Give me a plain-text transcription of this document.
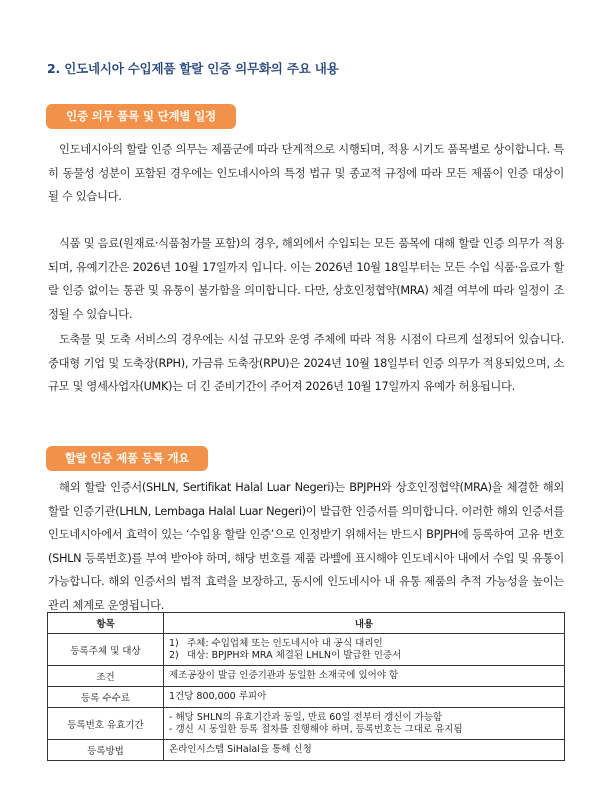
2. 인도네시아 수입제품 할랄 인증 의무화의 주요 내용
인증 의무 품목 및 단계별 일정
인도네시아의 할랄 인증 의무는 제품군에 따라 단계적으로 시행되며, 적용 시기도 품목별로 상이합니다. 특히 동물성 성분이 포함된 경우에는 인도네시아의 특정 법규 및 종교적 규정에 따라 모든 제품이 인증 대상이 될 수 있습니다.
식품 및 음료(원재료·식품첨가물 포함)의 경우, 해외에서 수입되는 모든 품목에 대해 할랄 인증 의무가 적용되며, 유예기간은 2026년 10월 17일까지 입니다. 이는 2026년 10월 18일부터는 모든 수입 식품·음료가 할랄 인증 없이는 통관 및 유통이 불가함을 의미합니다. 다만, 상호인정협약(MRA) 체결 여부에 따라 일정이 조정될 수 있습니다.
도축물 및 도축 서비스의 경우에는 시설 규모와 운영 주체에 따라 적용 시점이 다르게 설정되어 있습니다. 중대형 기업 및 도축장(RPH), 가금류 도축장(RPU)은 2024년 10월 18일부터 인증 의무가 적용되었으며, 소규모 및 영세사업자(UMK)는 더 긴 준비기간이 주어져 2026년 10월 17일까지 유예가 허용됩니다.
할랄 인증 제품 등록 개요
해외 할랄 인증서(SHLN, Sertifikat Halal Luar Negeri)는 BPJPH와 상호인정협약(MRA)을 체결한 해외 할랄 인증기관(LHLN, Lembaga Halal Luar Negeri)이 발급한 인증서를 의미합니다. 이러한 해외 인증서를 인도네시아에서 효력이 있는 ‘수입용 할랄 인증’으로 인정받기 위해서는 반드시 BPJPH에 등록하여 고유 번호(SHLN 등록번호)를 부여 받아야 하며, 해당 번호를 제품 라벨에 표시해야 인도네시아 내에서 수입 및 유통이 가능합니다. 해외 인증서의 법적 효력을 보장하고, 동시에 인도네시아 내 유통 제품의 추적 가능성을 높이는 관리 체계로 운영됩니다.
항목	내용
등록주체 및 대상	1) 주체: 수입업체 또는 인도네시아 내 공식 대리인
2) 대상: BPJPH와 MRA 체결된 LHLN이 발급한 인증서

조건	제조공장이 발급 인증기관과 동일한 소재국에 있어야 함
등록 수수료	1건당 800,000 루피아
등록번호 유효기간	- 해당 SHLN의 유효기간과 동일, 만료 60일 전부터 갱신이 가능함
- 갱신 시 동일한 등록 절차를 진행해야 하며, 등록번호는 그대로 유지됨

등록방법	온라인시스템 SiHalal을 통해 신청
